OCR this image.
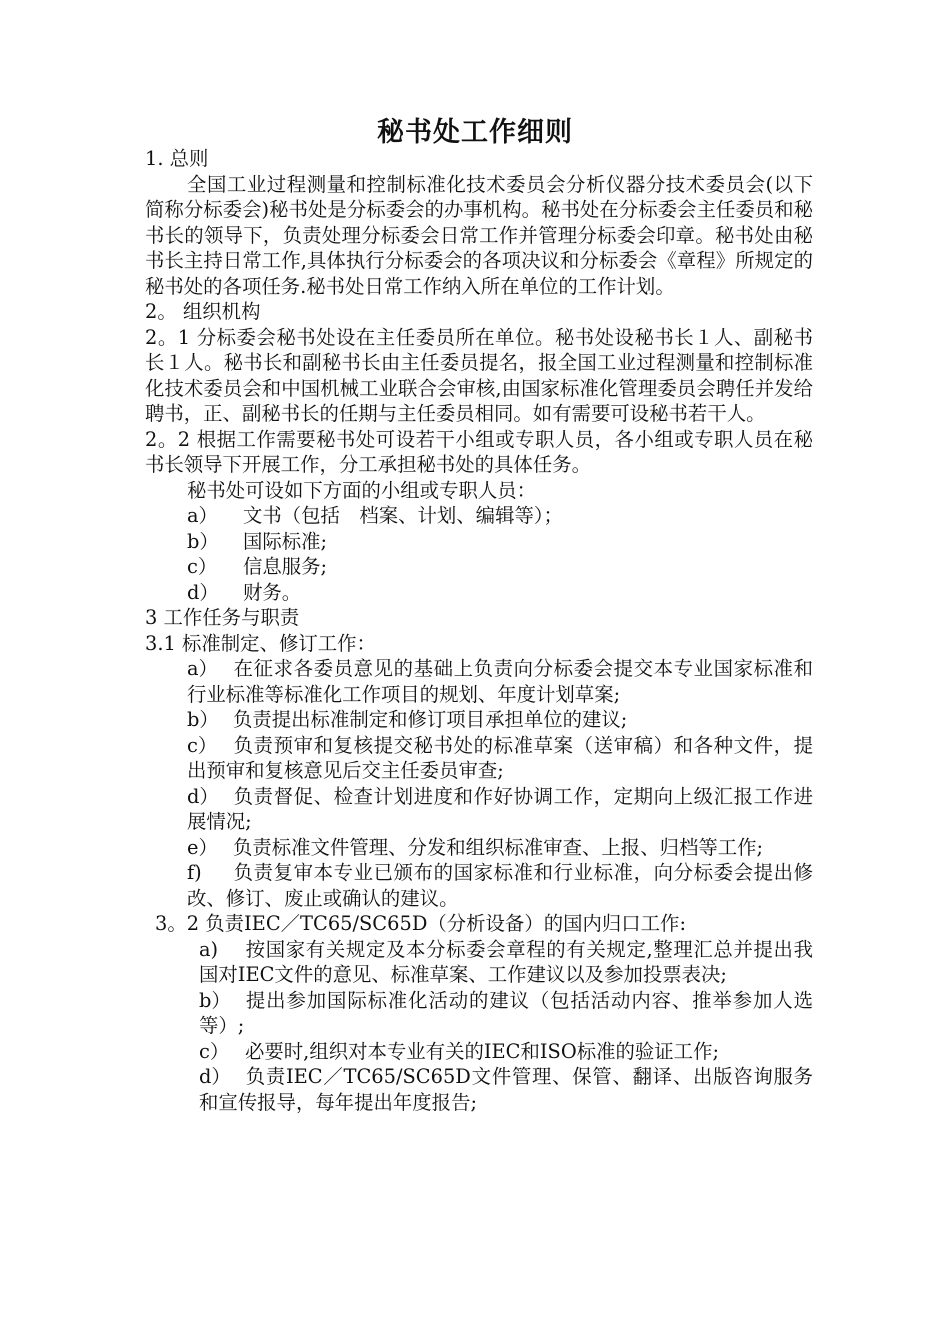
秘书处工作细则

1. 总则

全国工业过程测量和控制标准化技术委员会分析仪器分技术委员会(以下简称分标委会)秘书处是分标委会的办事机构。秘书处在分标委会主任委员和秘书长的领导下，负责处理分标委会日常工作并管理分标委会印章。秘书处由秘书长主持日常工作,具体执行分标委会的各项决议和分标委会《章程》所规定的秘书处的各项任务.秘书处日常工作纳入所在单位的工作计划。

2。 组织机构

2。1 分标委会秘书处设在主任委员所在单位。秘书处设秘书长１人、副秘书长１人。秘书长和副秘书长由主任委员提名，报全国工业过程测量和控制标准化技术委员会和中国机械工业联合会审核,由国家标准化管理委员会聘任并发给聘书，正、副秘书长的任期与主任委员相同。如有需要可设秘书若干人。

2。2 根据工作需要秘书处可设若干小组或专职人员，各小组或专职人员在秘书长领导下开展工作，分工承担秘书处的具体任务。

秘书处可设如下方面的小组或专职人员：

a） 文书（包括　档案、计划、编辑等）；

b） 国际标准;

c） 信息服务;

d） 财务。

3 工作任务与职责

3.1 标准制定、修订工作：

a） 在征求各委员意见的基础上负责向分标委会提交本专业国家标准和行业标准等标准化工作项目的规划、年度计划草案;

b） 负责提出标准制定和修订项目承担单位的建议;

c） 负责预审和复核提交秘书处的标准草案（送审稿）和各种文件，提出预审和复核意见后交主任委员审查;

d） 负责督促、检查计划进度和作好协调工作，定期向上级汇报工作进展情况;

e） 负责标准文件管理、分发和组织标准审查、上报、归档等工作;

f) 负责复审本专业已颁布的国家标准和行业标准，向分标委会提出修改、修订、废止或确认的建议。

3。2 负责IEC／TC65/SC65D（分析设备）的国内归口工作:

a) 按国家有关规定及本分标委会章程的有关规定,整理汇总并提出我国对IEC文件的意见、标准草案、工作建议以及参加投票表决;

b） 提出参加国际标准化活动的建议（包括活动内容、推举参加人选等）;

c） 必要时,组织对本专业有关的IEC和ISO标准的验证工作;

d） 负责IEC／TC65/SC65D文件管理、保管、翻译、出版咨询服务和宣传报导，每年提出年度报告;
